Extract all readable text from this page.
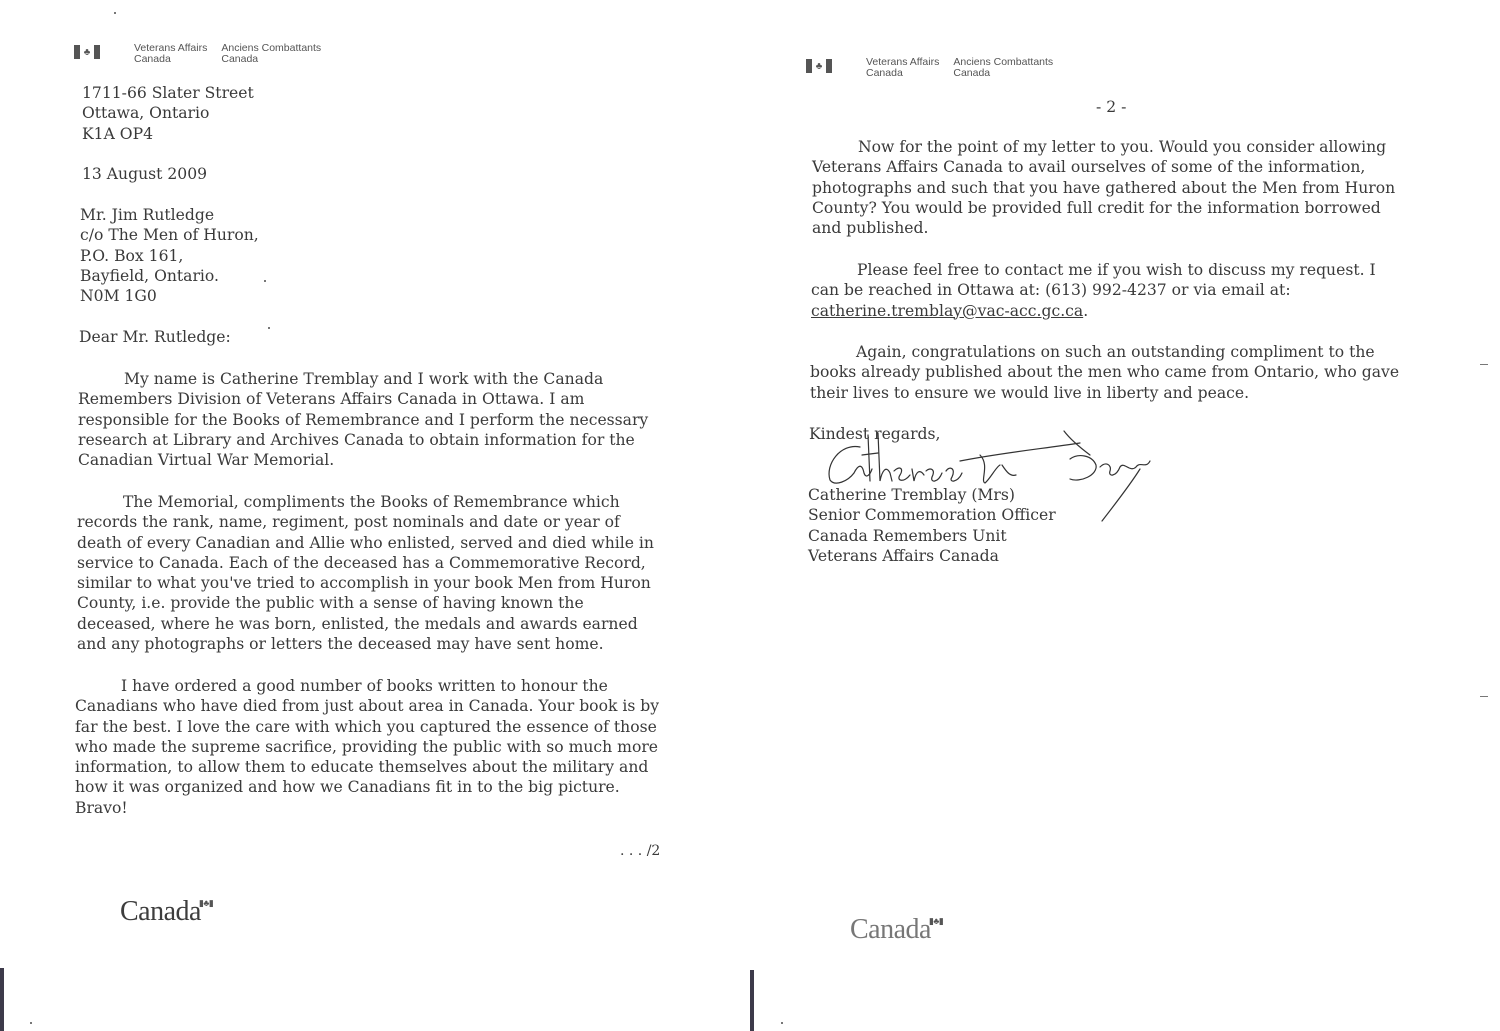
♣	Veterans Affairs
Canada
Anciens Combattants
Canada
1711-66 Slater Street
Ottawa, Ontario
K1A OP4
13 August 2009
Mr. Jim Rutledge
c/o The Men of Huron,
P.O. Box 161,
Bayfield, Ontario.
N0M 1G0
Dear Mr. Rutledge:
My name is Catherine Tremblay and I work with the Canada Remembers Division of Veterans Affairs Canada in Ottawa. I am responsible for the Books of Remembrance and I perform the necessary research at Library and Archives Canada to obtain information for the Canadian Virtual War Memorial.
The Memorial, compliments the Books of Remembrance which records the rank, name, regiment, post nominals and date or year of death of every Canadian and Allie who enlisted, served and died while in service to Canada. Each of the deceased has a Commemorative Record, similar to what you've tried to accomplish in your book Men from Huron County, i.e. provide the public with a sense of having known the deceased, where he was born, enlisted, the medals and awards earned and any photographs or letters the deceased may have sent home.
I have ordered a good number of books written to honour the Canadians who have died from just about area in Canada. Your book is by far the best. I love the care with which you captured the essence of those who made the supreme sacrifice, providing the public with so much more information, to allow them to educate themselves about the military and how it was organized and how we Canadians fit in to the big picture. Bravo!
. . . /2
Canada▮♣▮
♣	Veterans Affairs
Canada
Anciens Combattants
Canada
- 2 -
Now for the point of my letter to you. Would you consider allowing Veterans Affairs Canada to avail ourselves of some of the information, photographs and such that you have gathered about the Men from Huron County? You would be provided full credit for the information borrowed and published.
Please feel free to contact me if you wish to discuss my request. I can be reached in Ottawa at: (613) 992-4237 or via email at: catherine.tremblay@vac-acc.gc.ca.
Again, congratulations on such an outstanding compliment to the books already published about the men who came from Ontario, who gave their lives to ensure we would live in liberty and peace.
Kindest regards,
Catherine Tremblay (Mrs)
Senior Commemoration Officer
Canada Remembers Unit
Veterans Affairs Canada
Canada▮♣▮
